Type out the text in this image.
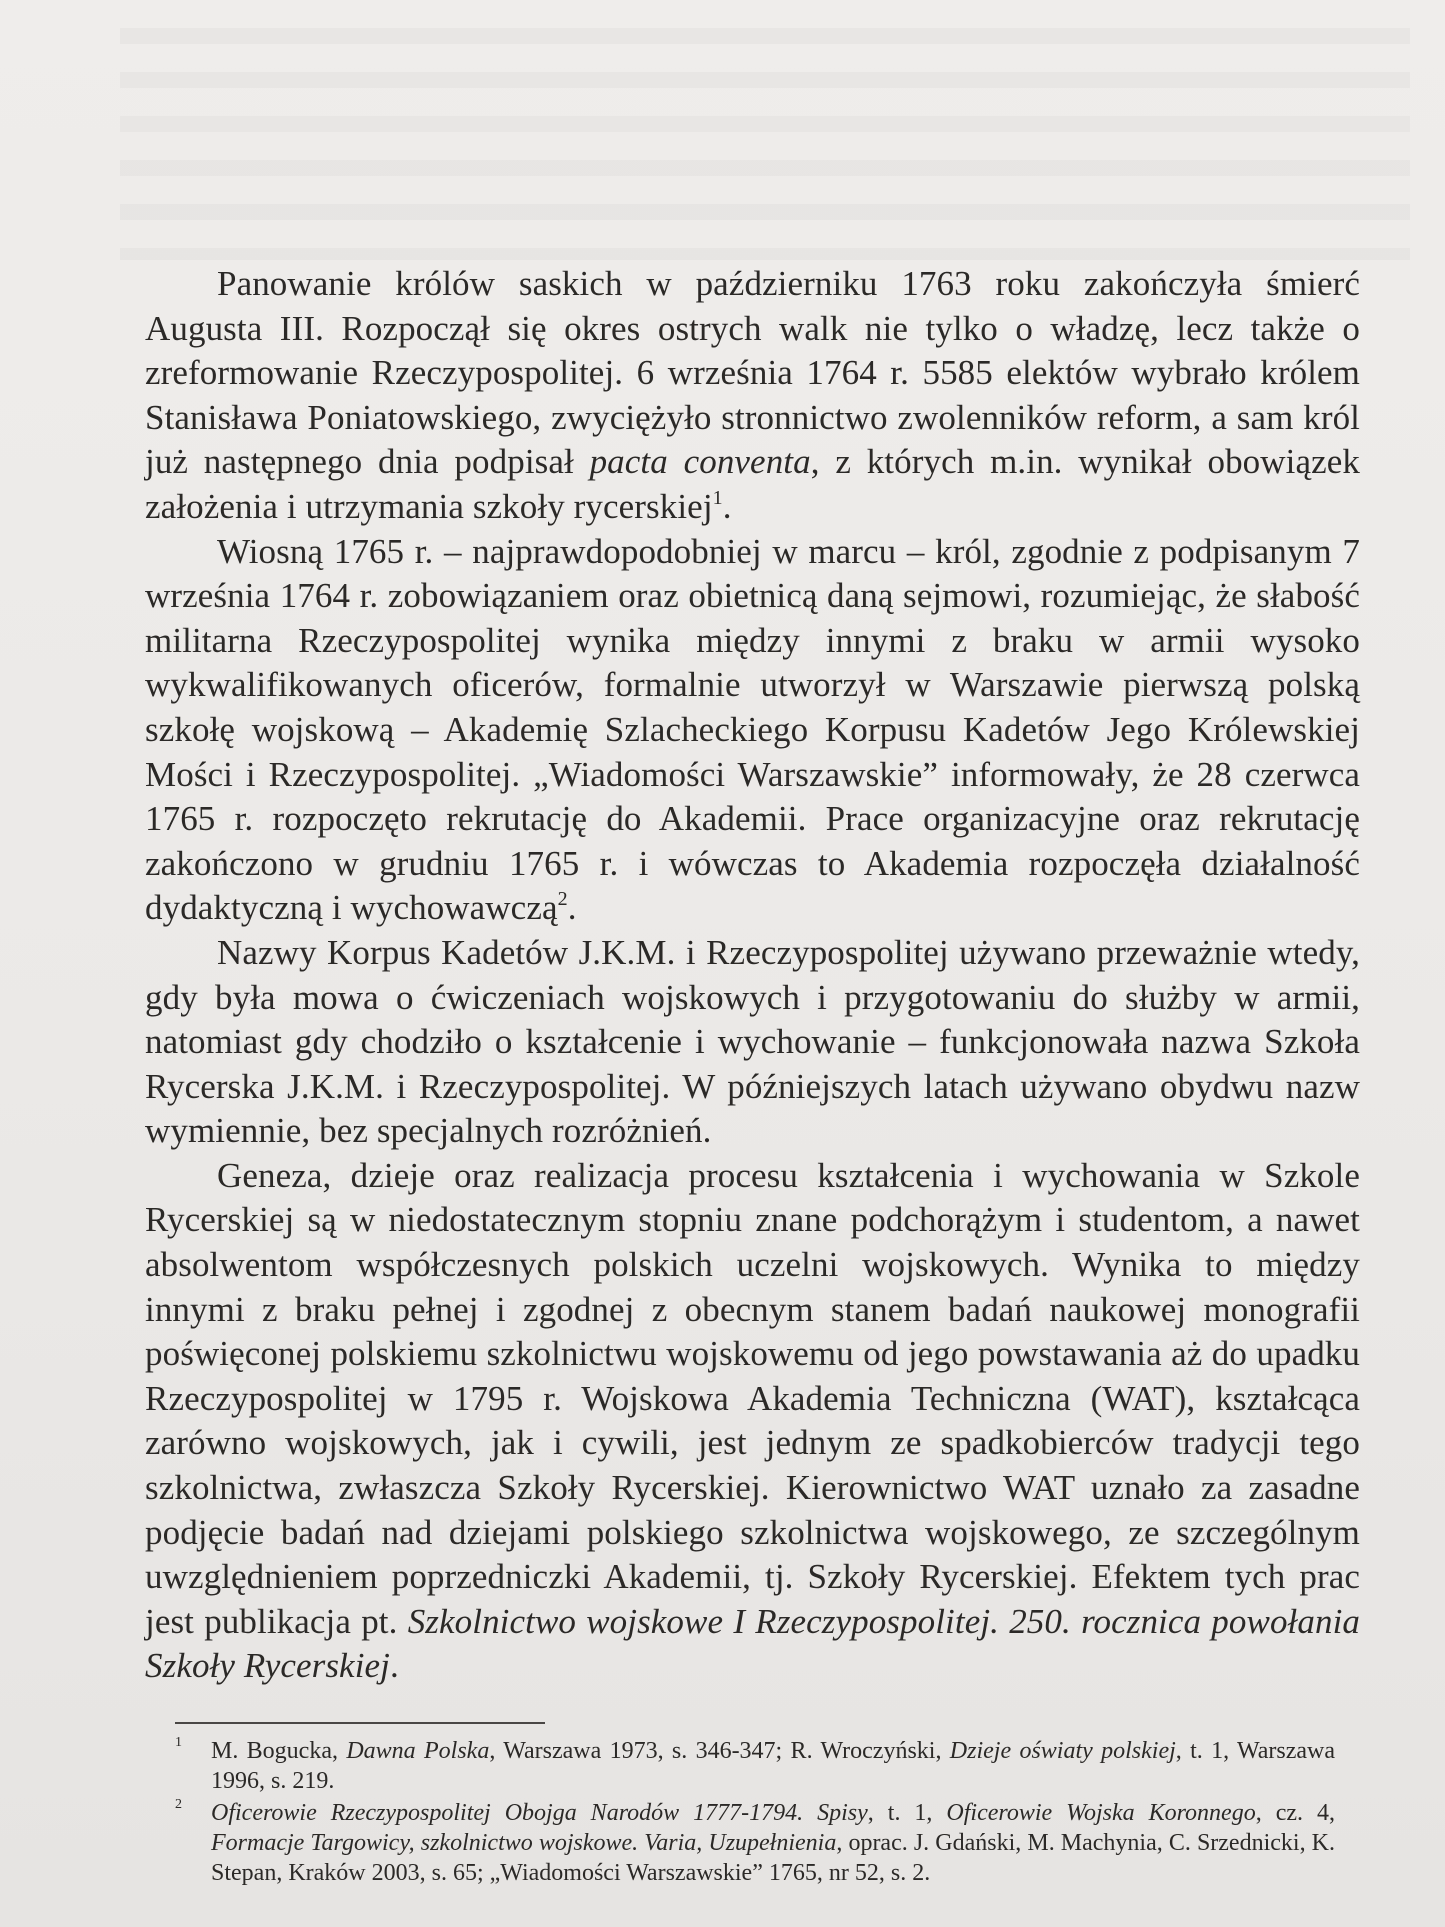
Panowanie królów saskich w październiku 1763 roku zakończyła śmierć Augusta III. Rozpoczął się okres ostrych walk nie tylko o władzę, lecz także o zreformowanie Rzeczypospolitej. 6 września 1764 r. 5585 elektów wybrało królem Stanisława Poniatowskiego, zwyciężyło stronnictwo zwolenników reform, a sam król już następnego dnia podpisał pacta conventa, z których m.in. wynikał obowiązek założenia i utrzymania szkoły rycerskiej$^1$.

Wiosną 1765 r. – najprawdopodobniej w marcu – król, zgodnie z podpisanym 7 września 1764 r. zobowiązaniem oraz obietnicą daną sejmowi, rozumiejąc, że słabość militarna Rzeczypospolitej wynika między innymi z braku w armii wysoko wykwalifikowanych oficerów, formalnie utworzył w Warszawie pierwszą polską szkołę wojskową – Akademię Szlacheckiego Korpusu Kadetów Jego Królewskiej Mości i Rzeczypospolitej. „Wiadomości Warszawskie” informowały, że 28 czerwca 1765 r. rozpoczęto rekrutację do Akademii. Prace organizacyjne oraz rekrutację zakończono w grudniu 1765 r. i wówczas to Akademia rozpoczęła działalność dydaktyczną i wychowawczą$^2$.

Nazwy Korpus Kadetów J.K.M. i Rzeczypospolitej używano przeważnie wtedy, gdy była mowa o ćwiczeniach wojskowych i przygotowaniu do służby w armii, natomiast gdy chodziło o kształcenie i wychowanie – funkcjonowała nazwa Szkoła Rycerska J.K.M. i Rzeczypospolitej. W późniejszych latach używano obydwu nazw wymiennie, bez specjalnych rozróżnień.

Geneza, dzieje oraz realizacja procesu kształcenia i wychowania w Szkole Rycerskiej są w niedostatecznym stopniu znane podchorążym i studentom, a nawet absolwentom współczesnych polskich uczelni wojskowych. Wynika to między innymi z braku pełnej i zgodnej z obecnym stanem badań naukowej monografii poświęconej polskiemu szkolnictwu wojskowemu od jego powstawania aż do upadku Rzeczypospolitej w 1795 r. Wojskowa Akademia Techniczna (WAT), kształcąca zarówno wojskowych, jak i cywili, jest jednym ze spadkobierców tradycji tego szkolnictwa, zwłaszcza Szkoły Rycerskiej. Kierownictwo WAT uznało za zasadne podjęcie badań nad dziejami polskiego szkolnictwa wojskowego, ze szczególnym uwzględnieniem poprzedniczki Akademii, tj. Szkoły Rycerskiej. Efektem tych prac jest publikacja pt. Szkolnictwo wojskowe I Rzeczypospolitej. 250. rocznica powołania Szkoły Rycerskiej.

1 M. Bogucka, Dawna Polska, Warszawa 1973, s. 346-347; R. Wroczyński, Dzieje oświaty polskiej, t. 1, Warszawa 1996, s. 219.
2 Oficerowie Rzeczypospolitej Obojga Narodów 1777-1794. Spisy, t. 1, Oficerowie Wojska Koronnego, cz. 4, Formacje Targowicy, szkolnictwo wojskowe. Varia, Uzupełnienia, oprac. J. Gdański, M. Machynia, C. Srzednicki, K. Stepan, Kraków 2003, s. 65; „Wiadomości Warszawskie” 1765, nr 52, s. 2.
